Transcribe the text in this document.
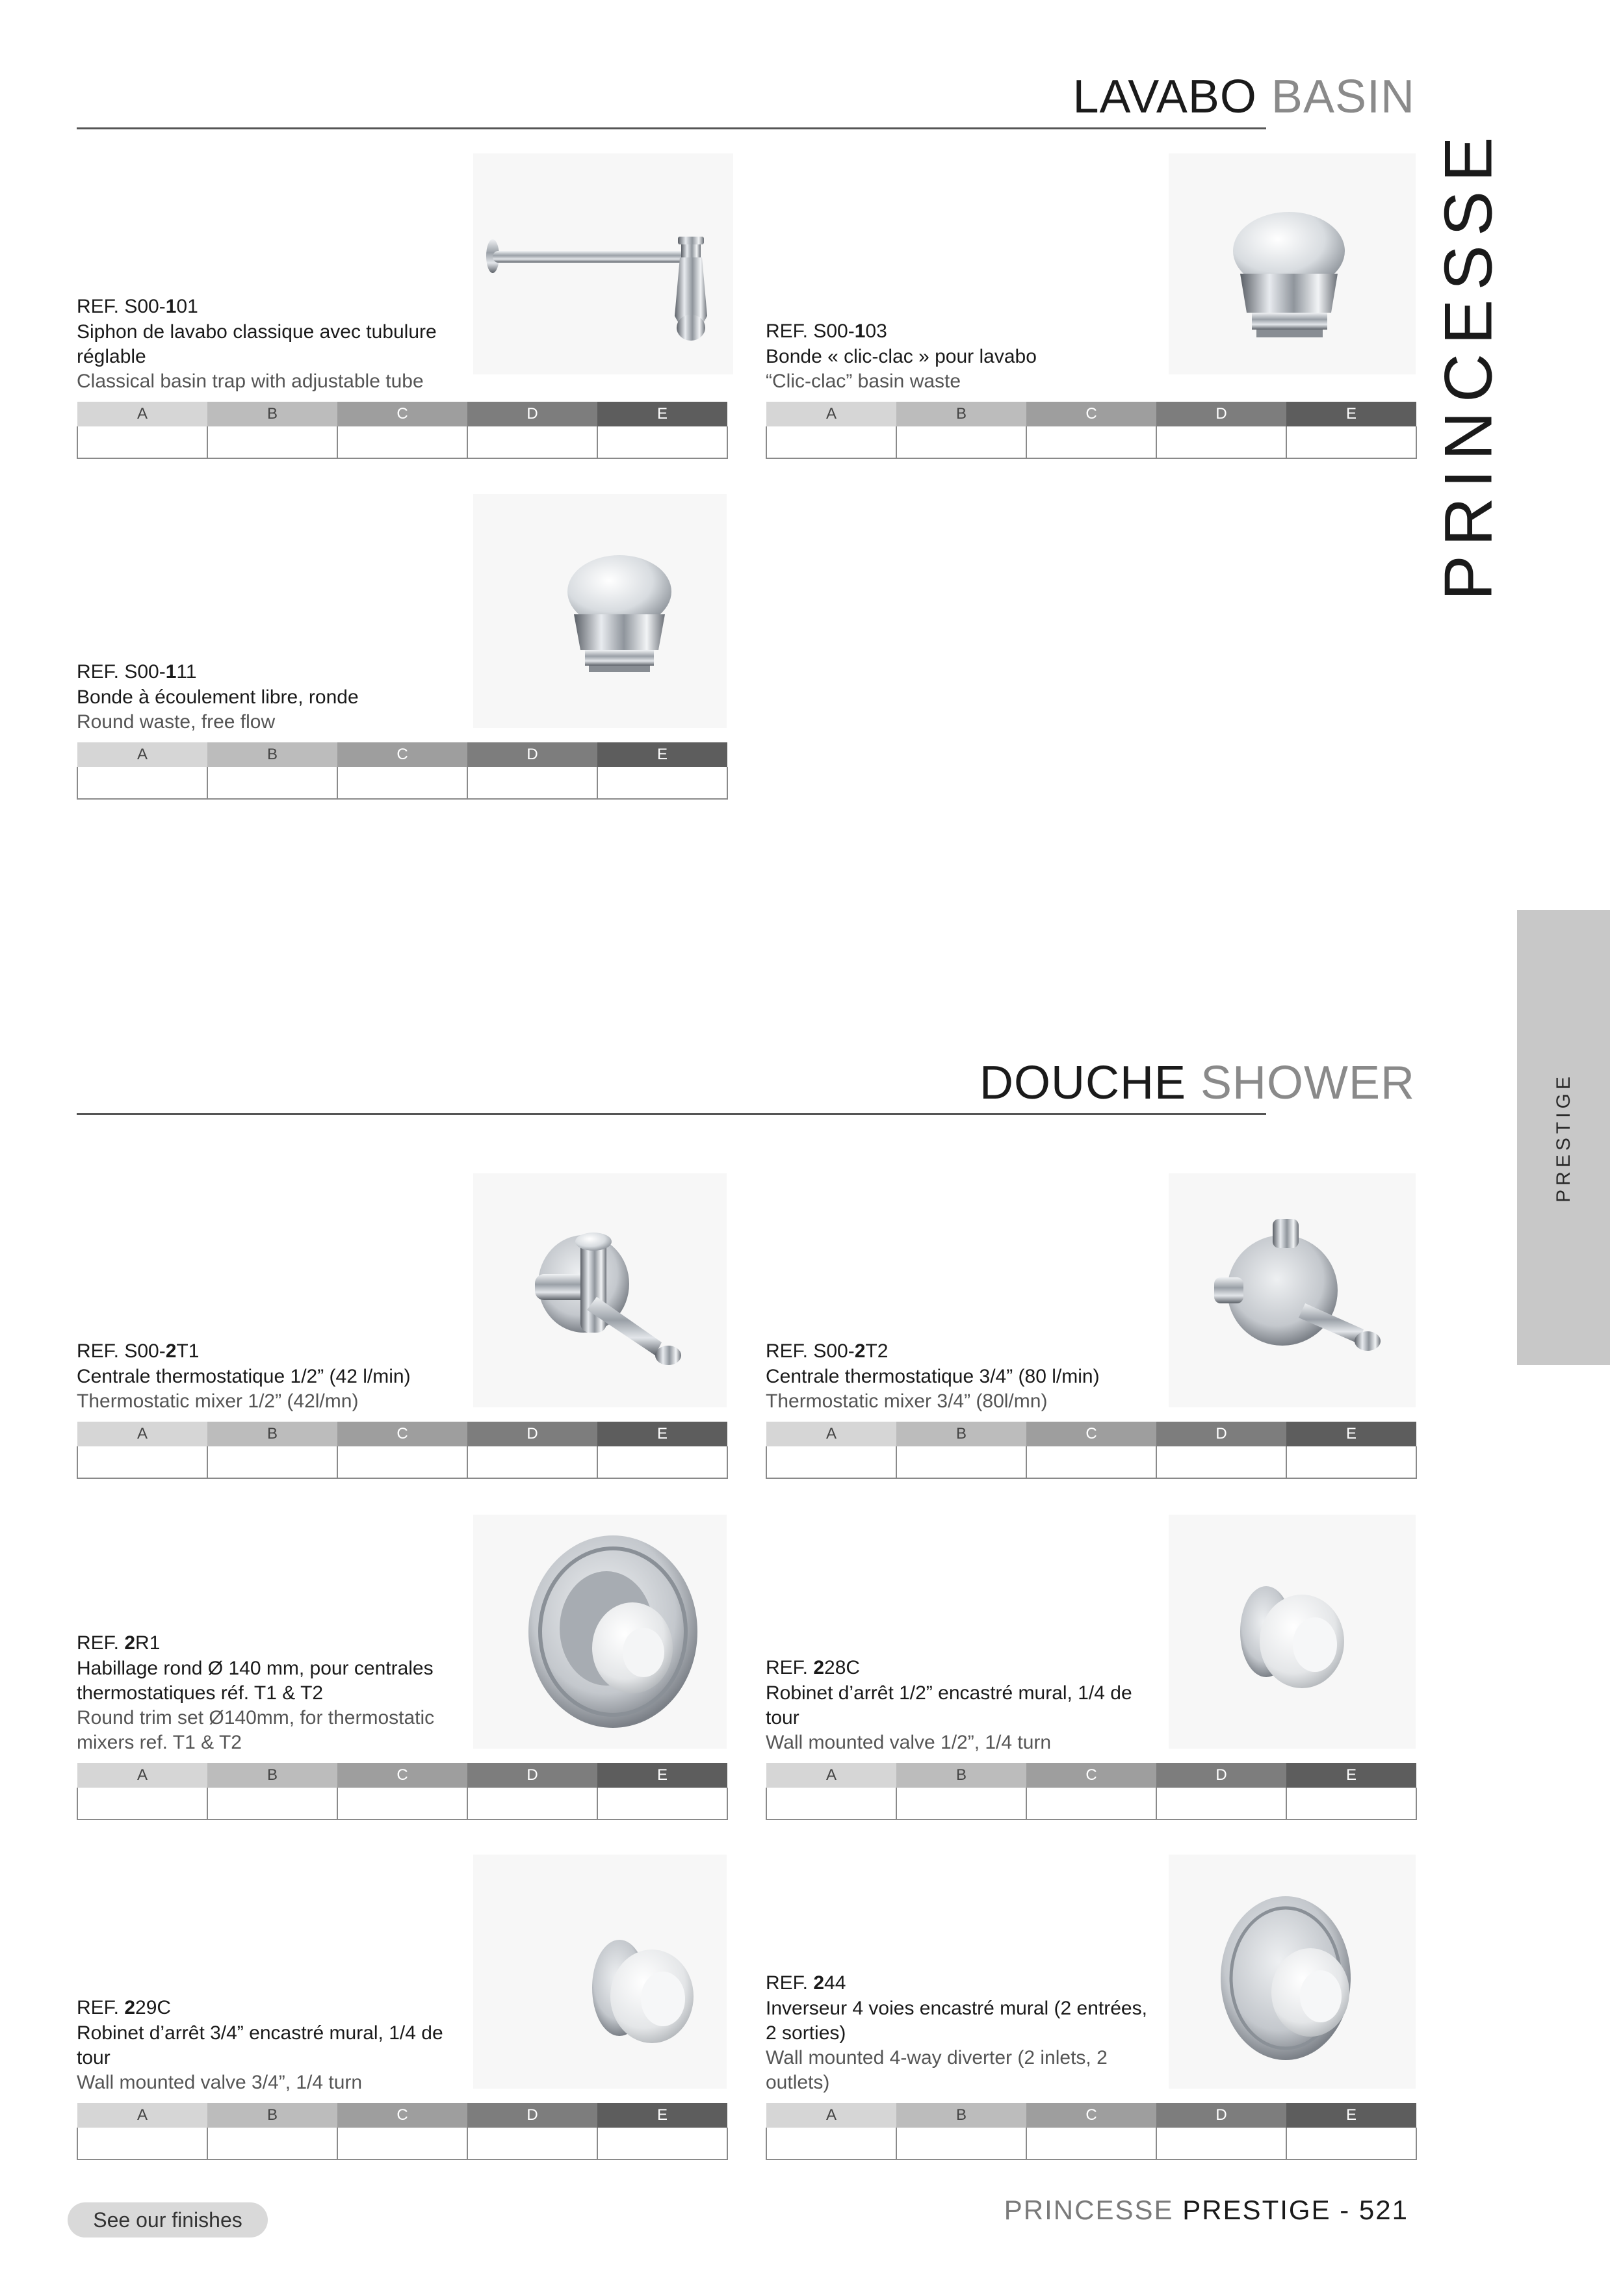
LAVABO BASIN
PRINCESSE
REF. S00-101
Siphon de lavabo classique avec tubulure réglable
Classical basin trap with adjustable tube
A	B	C	D	E

REF. S00-103
Bonde « clic-clac » pour lavabo
“Clic-clac” basin waste
A	B	C	D	E

REF. S00-111
Bonde à écoulement libre, ronde
Round waste, free flow
A	B	C	D	E

DOUCHE SHOWER	PRESTIGE
REF. S00-2T1
Centrale thermostatique 1/2” (42 l/min)
Thermostatic mixer 1/2” (42l/mn)
A	B	C	D	E

REF. S00-2T2
Centrale thermostatique 3/4” (80 l/min)
Thermostatic mixer 3/4” (80l/mn)
A	B	C	D	E

REF. 2R1
Habillage rond Ø 140 mm, pour centrales thermostatiques réf. T1 & T2
Round trim set Ø140mm, for thermostatic mixers ref. T1 & T2
A	B	C	D	E

REF. 228C
Robinet d’arrêt 1/2” encastré mural, 1/4 de tour
Wall mounted valve 1/2”, 1/4 turn
A	B	C	D	E

REF. 229C
Robinet d’arrêt 3/4” encastré mural, 1/4 de tour
Wall mounted valve 3/4”, 1/4 turn
A	B	C	D	E

REF. 244
Inverseur 4 voies encastré mural (2 entrées, 2 sorties)
Wall mounted 4-way diverter (2 inlets, 2 outlets)
A	B	C	D	E

See our finishes	PRINCESSE PRESTIGE - 521
